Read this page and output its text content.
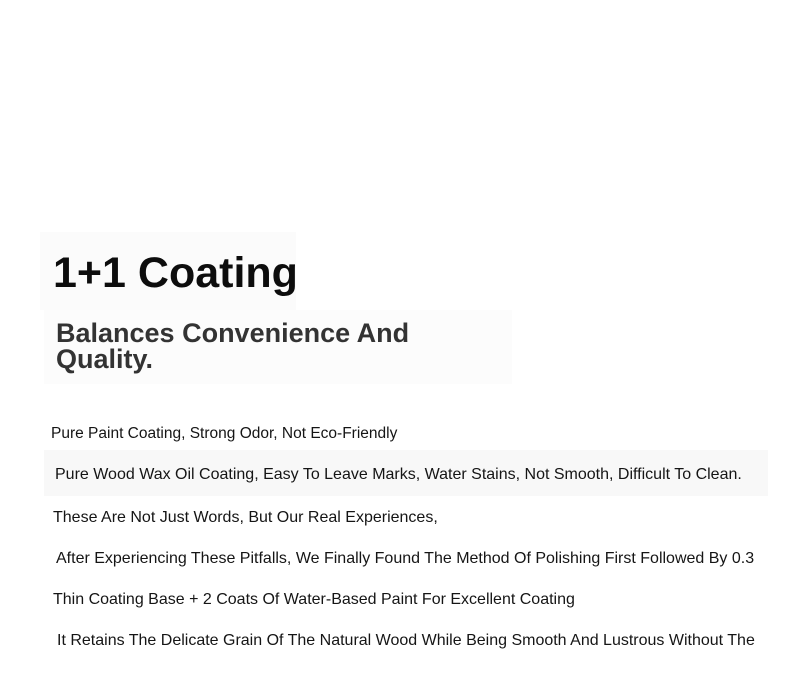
1+1 Coating
Balances Convenience And Quality.

Pure Paint Coating, Strong Odor, Not Eco-Friendly

Pure Wood Wax Oil Coating, Easy To Leave Marks, Water Stains, Not Smooth, Difficult To Clean.

These Are Not Just Words, But Our Real Experiences,

After Experiencing These Pitfalls, We Finally Found The Method Of Polishing First Followed By 0.3

Thin Coating Base + 2 Coats Of Water-Based Paint For Excellent Coating

It Retains The Delicate Grain Of The Natural Wood While Being Smooth And Lustrous Without The
